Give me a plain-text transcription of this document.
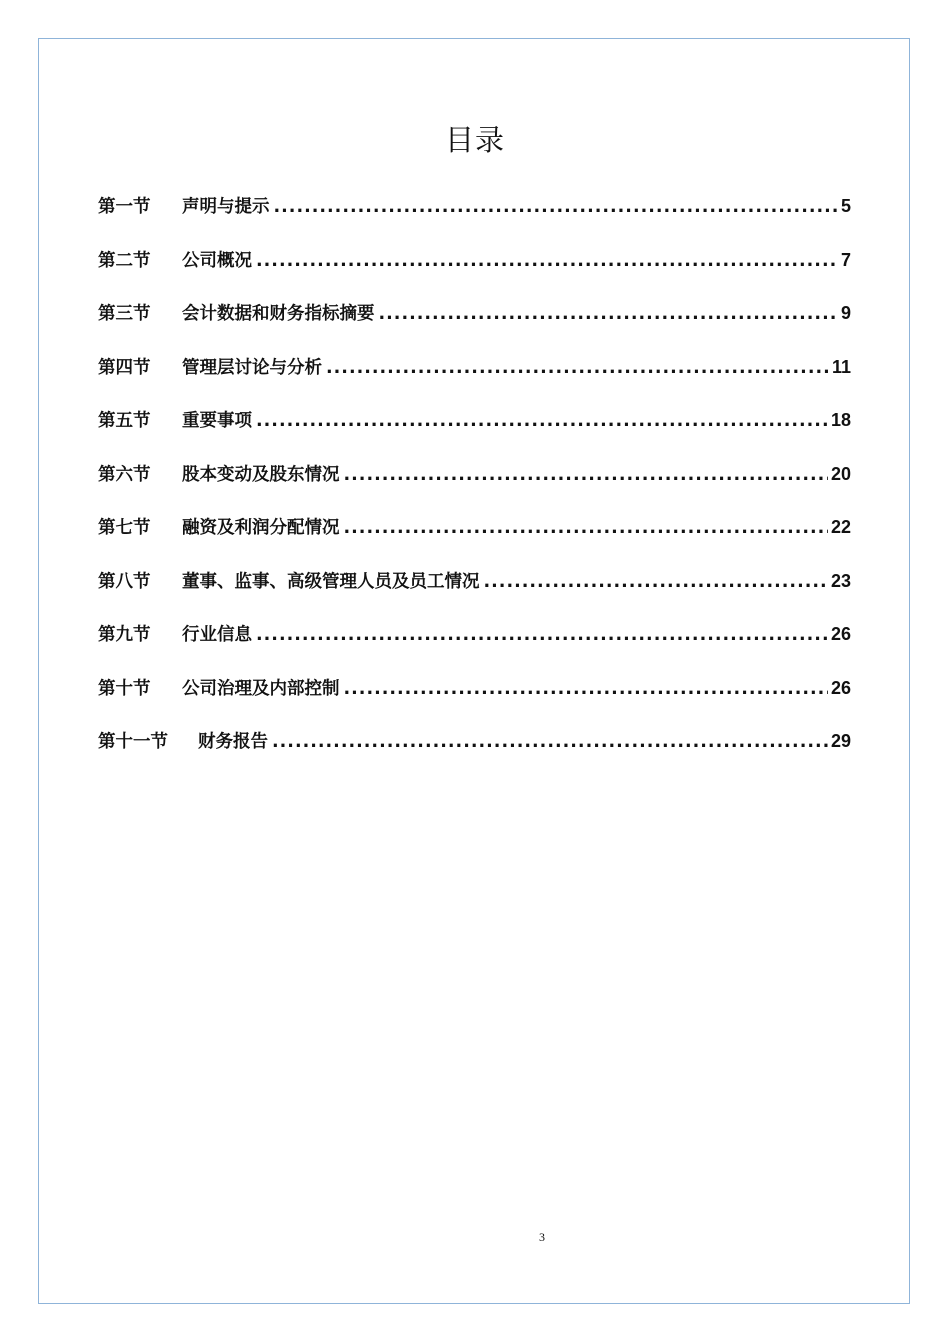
目录
第一节	声明与提示 .....	5
第二节	公司概况 .....	7
第三节	会计数据和财务指标摘要 .....	9
第四节	管理层讨论与分析 .....	11
第五节	重要事项 .....	18
第六节	股本变动及股东情况 .....	20
第七节	融资及利润分配情况 .....	22
第八节	董事、监事、高级管理人员及员工情况 .....	23
第九节	行业信息 .....	26
第十节	公司治理及内部控制 .....	26
第十一节	财务报告 .....	29
3
